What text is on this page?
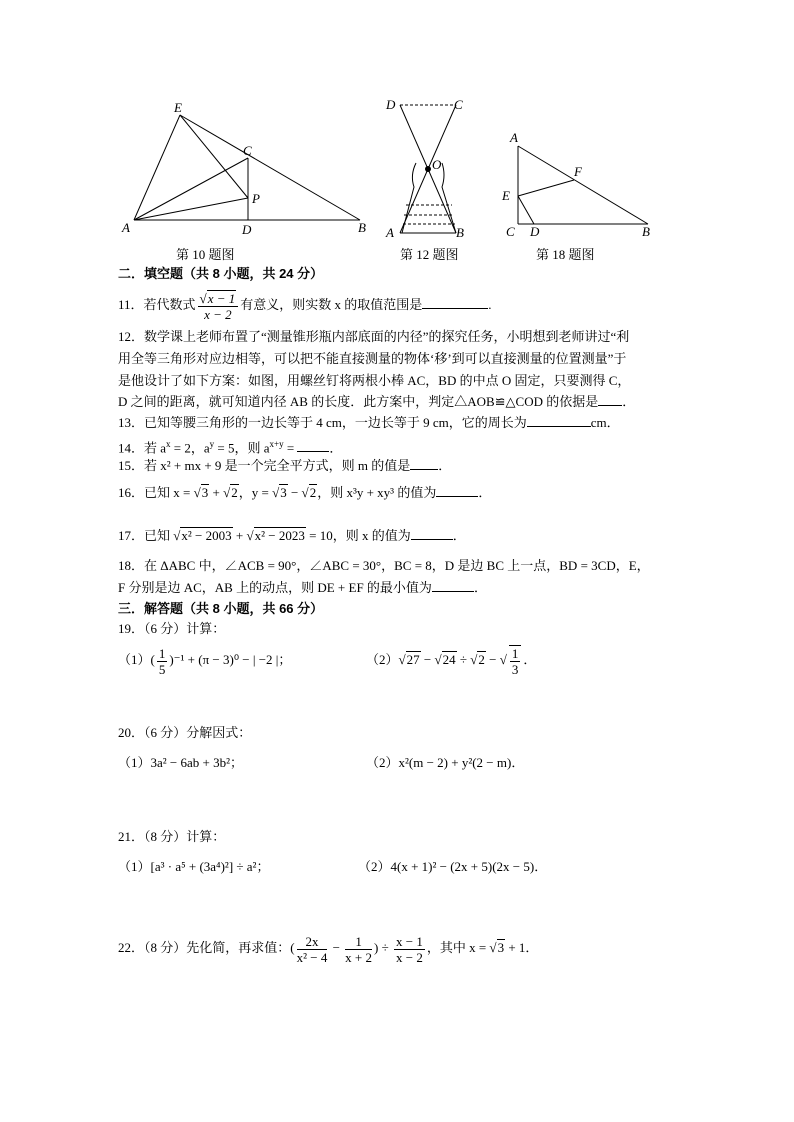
E
C
P
A	D	B
第 10 题图
D	C
O
A	B
第 12 题图
A
F
E
C D	B
第 18 题图
二．填空题（共 8 小题，共 24 分）
11．若代数式 $\frac{√x - 1}{x - 2}$ 有意义，则实数 x 的取值范围是	.
12．数学课上老师布置了“测量锥形瓶内部底面的内径”的探究任务，小明想到老师讲过“利
用全等三角形对应边相等，可以把不能直接测量的物体‘移’到可以直接测量的位置测量”于
是他设计了如下方案：如图，用螺丝钉将两根小棒 AC，BD 的中点 O 固定，只要测得 C，
D 之间的距离，就可知道内径 AB 的长度．此方案中，判定△AOB≌△COD 的依据是 ．
13．已知等腰三角形的一边长等于 4 cm，一边长等于 9 cm，它的周长为	cm．
14．若 $a^x = 2$，$a^y = 5$，则 $a^{x+y}$ =	．
15．若 x² + mx + 9 是一个完全平方式，则 m 的值是 ．
16．已知 x = √3 + √2，y = √3 − √2，则 x³y + xy³ 的值为	．
17．已知 √x² − 2003 + √x² − 2023 = 10，则 x 的值为	．
18．在 ΔABC 中，∠ACB = 90°，∠ABC = 30°，BC = 8，D 是边 BC 上一点，BD = 3CD，E，
F 分别是边 AC，AB 上的动点，则 DE + EF 的最小值为	．
三．解答题（共 8 小题，共 66 分）
19．（6 分）计算：
$(1)( \frac{1}{5} )^{-1} + (\pi - 3)^0$ − | −2 |；	（2）√27 − √24 ÷ √2 − √ $\frac{1}{3}$ ．
20．（6 分）分解因式：
（1）3a² − 6ab + 3b²；	（2）x²(m − 2) + y²(2 − m)．
21．（8 分）计算：
（1）[a³ · a⁵ + (3a⁴)²] ÷ a²；	（2）4(x + 1)² − (2x + 5)(2x − 5)．
22．（8 分）先化简，再求值：( $\frac{2x}{\text{x² − 4}} - \frac{1}{x + 2}$ ) ÷ $\frac{x - 1}{x - 2}$ ，其中 x = √3 + 1．
